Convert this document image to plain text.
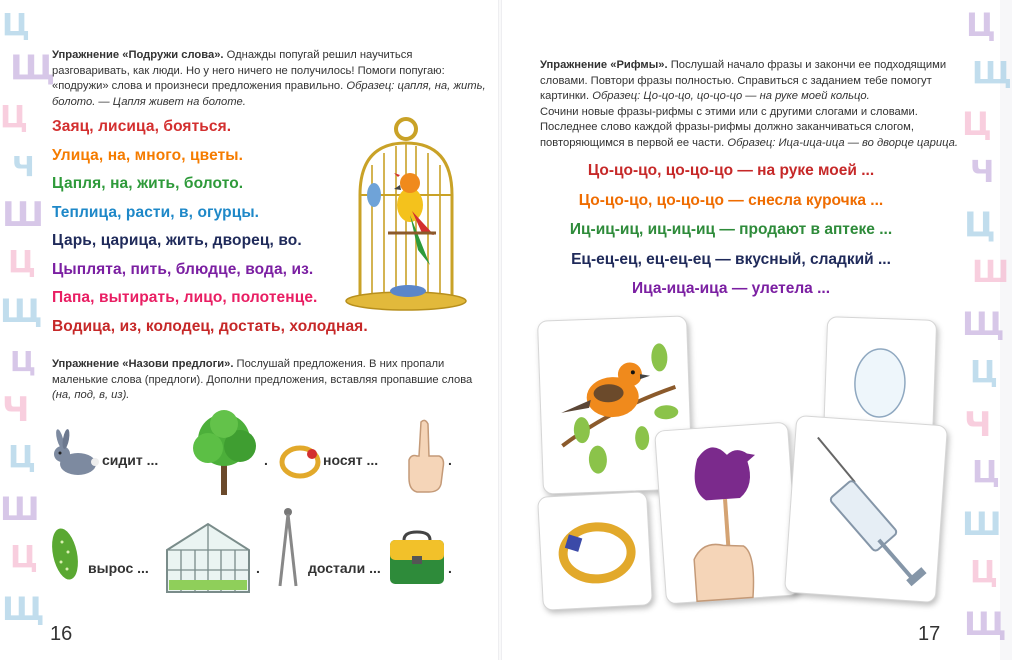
Ц
Щ
Ц
Ч
Ш
Ц
Щ
Ц
Ч
Ц
Ш
Ц
Щ
Ц
Щ
Ц
Ч
Ц
Ш
Щ
Ц
Ч
Ц
Ш
Ц
Щ
Упражнение «Подружи слова». Однажды попугай решил научиться разговаривать, как люди. Но у него ничего не получилось! Помоги попугаю: «подружи» слова и произнеси предложения правильно. Образец: цапля, на, жить, болото. — Цапля живет на болоте.
Заяц, лисица, бояться.
Улица, на, много, цветы.
Цапля, на, жить, болото.
Теплица, расти, в, огурцы.
Царь, царица, жить, дворец, во.
Цыплята, пить, блюдце, вода, из.
Папа, вытирать, лицо, полотенце.
Водица, из, колодец, достать, холодная.
Упражнение «Назови предлоги». Послушай предложения. В них пропали маленькие слова (предлоги). Дополни предложения, вставляя пропавшие слова (на, под, в, из).
сидит ...	.	носят ...	.
вырос ...	.	достали ...	.
16
Упражнение «Рифмы». Послушай начало фразы и закончи ее подходящими словами. Повтори фразы полностью. Справиться с заданием тебе помогут картинки. Образец: Цо-цо-цо, цо-цо-цо — на руке моей кольцо.
Сочини новые фразы-рифмы с этими или с другими слогами и словами. Последнее слово каждой фразы-рифмы должно заканчиваться слогом, повторяющимся в первой ее части. Образец: Ица-ица-ица — во дворце царица.
Цо-цо-цо, цо-цо-цо — на руке моей ...
Цо-цо-цо, цо-цо-цо — снесла курочка ...
Иц-иц-иц, иц-иц-иц — продают в аптеке ...
Ец-ец-ец, ец-ец-ец — вкусный, сладкий ...
Ица-ица-ица — улетела ...
17
